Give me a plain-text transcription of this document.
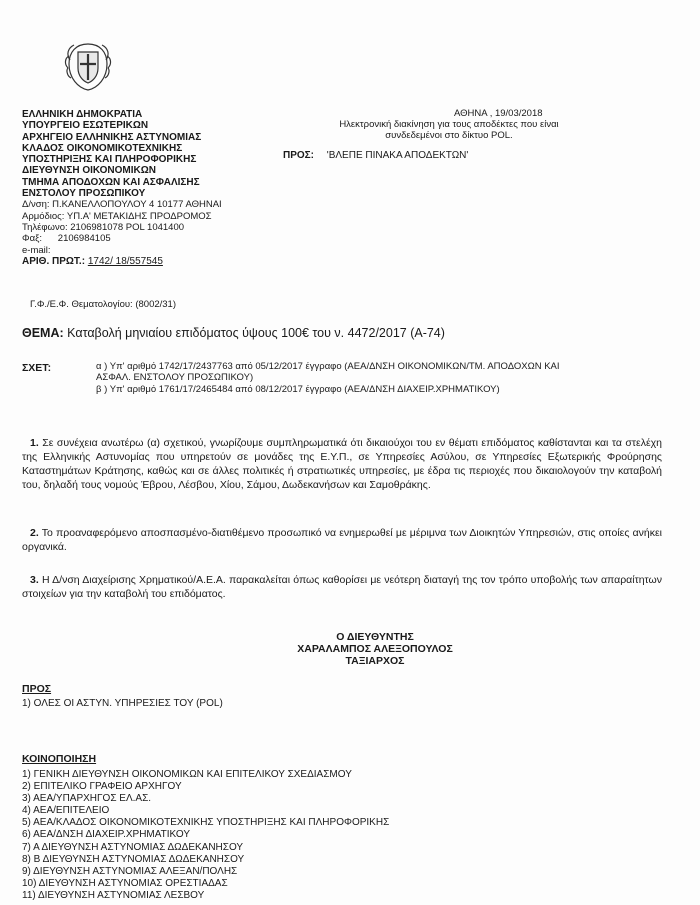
ΕΛΛΗΝΙΚΗ ΔΗΜΟΚΡΑΤΙΑ
ΥΠΟΥΡΓΕΙΟ ΕΣΩΤΕΡΙΚΩΝ
ΑΡΧΗΓΕΙΟ ΕΛΛΗΝΙΚΗΣ ΑΣΤΥΝΟΜΙΑΣ
ΚΛΑΔΟΣ ΟΙΚΟΝΟΜΙΚΟΤΕΧΝΙΚΗΣ
ΥΠΟΣΤΗΡΙΞΗΣ ΚΑΙ ΠΛΗΡΟΦΟΡΙΚΗΣ
ΔΙΕΥΘΥΝΣΗ ΟΙΚΟΝΟΜΙΚΩΝ
ΤΜΗΜΑ ΑΠΟΔΟΧΩΝ ΚΑΙ ΑΣΦΑΛΙΣΗΣ
ΕΝΣΤΟΛΟΥ ΠΡΟΣΩΠΙΚΟΥ
Δ/νση: Π.ΚΑΝΕΛΛΟΠΟΥΛΟΥ 4 10177 ΑΘΗΝΑΙ
Αρμόδιος: ΥΠ.Α' ΜΕΤΑΚΙΔΗΣ ΠΡΟΔΡΟΜΟΣ
Τηλέφωνο: 2106981078 POL 1041400
Φαξ:      2106984105
e-mail:
ΑΡΙΘ. ΠΡΩΤ.: 1742/ 18/557545
ΑΘΗΝΑ , 19/03/2018
Ηλεκτρονική διακίνηση για τους αποδέκτες που είναι συνδεδεμένοι στο δίκτυο POL.
ΠΡΟΣ: 'ΒΛΕΠΕ ΠΙΝΑΚΑ ΑΠΟΔΕΚΤΩΝ'
Γ.Φ./Ε.Φ. Θεματολογίου: (8002/31)
ΘΕΜΑ: Καταβολή μηνιαίου επιδόματος ύψους 100€ του ν. 4472/2017 (Α-74)
ΣΧΕΤ:	α ) Υπ' αριθμό 1742/17/2437763 από 05/12/2017 έγγραφο (ΑΕΑ/ΔΝΣΗ ΟΙΚΟΝΟΜΙΚΩΝ/ΤΜ. ΑΠΟΔΟΧΩΝ ΚΑΙ ΑΣΦΑΛ. ΕΝΣΤΟΛΟΥ ΠΡΟΣΩΠΙΚΟΥ)
β ) Υπ' αριθμό 1761/17/2465484 από 08/12/2017 έγγραφο (ΑΕΑ/ΔΝΣΗ ΔΙΑΧΕΙΡ.ΧΡΗΜΑΤΙΚΟΥ)
1. Σε συνέχεια ανωτέρω (α) σχετικού, γνωρίζουμε συμπληρωματικά ότι δικαιούχοι του εν θέματι επιδόματος καθίστανται και τα στελέχη της Ελληνικής Αστυνομίας που υπηρετούν σε μονάδες της Ε.Υ.Π., σε Υπηρεσίες Ασύλου, σε Υπηρεσίες Εξωτερικής Φρούρησης Καταστημάτων Κράτησης, καθώς και σε άλλες πολιτικές ή στρατιωτικές υπηρεσίες, με έδρα τις περιοχές που δικαιολογούν την καταβολή του, δηλαδή τους νομούς Έβρου, Λέσβου, Χίου, Σάμου, Δωδεκανήσων και Σαμοθράκης.
2. Το προαναφερόμενο αποσπασμένο-διατιθέμενο προσωπικό να ενημερωθεί με μέριμνα των Διοικητών Υπηρεσιών, στις οποίες ανήκει οργανικά.
3. Η Δ/νση Διαχείρισης Χρηματικού/Α.Ε.Α. παρακαλείται όπως καθορίσει με νεότερη διαταγή της τον τρόπο υποβολής των απαραίτητων στοιχείων για την καταβολή του επιδόματος.
Ο ΔΙΕΥΘΥΝΤΗΣ
ΧΑΡΑΛΑΜΠΟΣ ΑΛΕΞΟΠΟΥΛΟΣ
ΤΑΞΙΑΡΧΟΣ
ΠΡΟΣ
1) ΟΛΕΣ ΟΙ ΑΣΤΥΝ. ΥΠΗΡΕΣΙΕΣ ΤΟΥ (POL)
ΚΟΙΝΟΠΟΙΗΣΗ
1) ΓΕΝΙΚΗ ΔΙΕΥΘΥΝΣΗ ΟΙΚΟΝΟΜΙΚΩΝ ΚΑΙ ΕΠΙΤΕΛΙΚΟΥ ΣΧΕΔΙΑΣΜΟΥ
2) ΕΠΙΤΕΛΙΚΟ ΓΡΑΦΕΙΟ ΑΡΧΗΓΟΥ
3) ΑΕΑ/ΥΠΑΡΧΗΓΟΣ ΕΛ.ΑΣ.
4) ΑΕΑ/ΕΠΙΤΕΛΕΙΟ
5) ΑΕΑ/ΚΛΑΔΟΣ ΟΙΚΟΝΟΜΙΚΟΤΕΧΝΙΚΗΣ ΥΠΟΣΤΗΡΙΞΗΣ ΚΑΙ ΠΛΗΡΟΦΟΡΙΚΗΣ
6) ΑΕΑ/ΔΝΣΗ ΔΙΑΧΕΙΡ.ΧΡΗΜΑΤΙΚΟΥ
7) Α ΔΙΕΥΘΥΝΣΗ ΑΣΤΥΝΟΜΙΑΣ ΔΩΔΕΚΑΝΗΣΟΥ
8) Β ΔΙΕΥΘΥΝΣΗ ΑΣΤΥΝΟΜΙΑΣ ΔΩΔΕΚΑΝΗΣΟΥ
9) ΔΙΕΥΘΥΝΣΗ ΑΣΤΥΝΟΜΙΑΣ ΑΛΕΞΑΝ/ΠΟΛΗΣ
10) ΔΙΕΥΘΥΝΣΗ ΑΣΤΥΝΟΜΙΑΣ ΟΡΕΣΤΙΑΔΑΣ
11) ΔΙΕΥΘΥΝΣΗ ΑΣΤΥΝΟΜΙΑΣ ΛΕΣΒΟΥ
